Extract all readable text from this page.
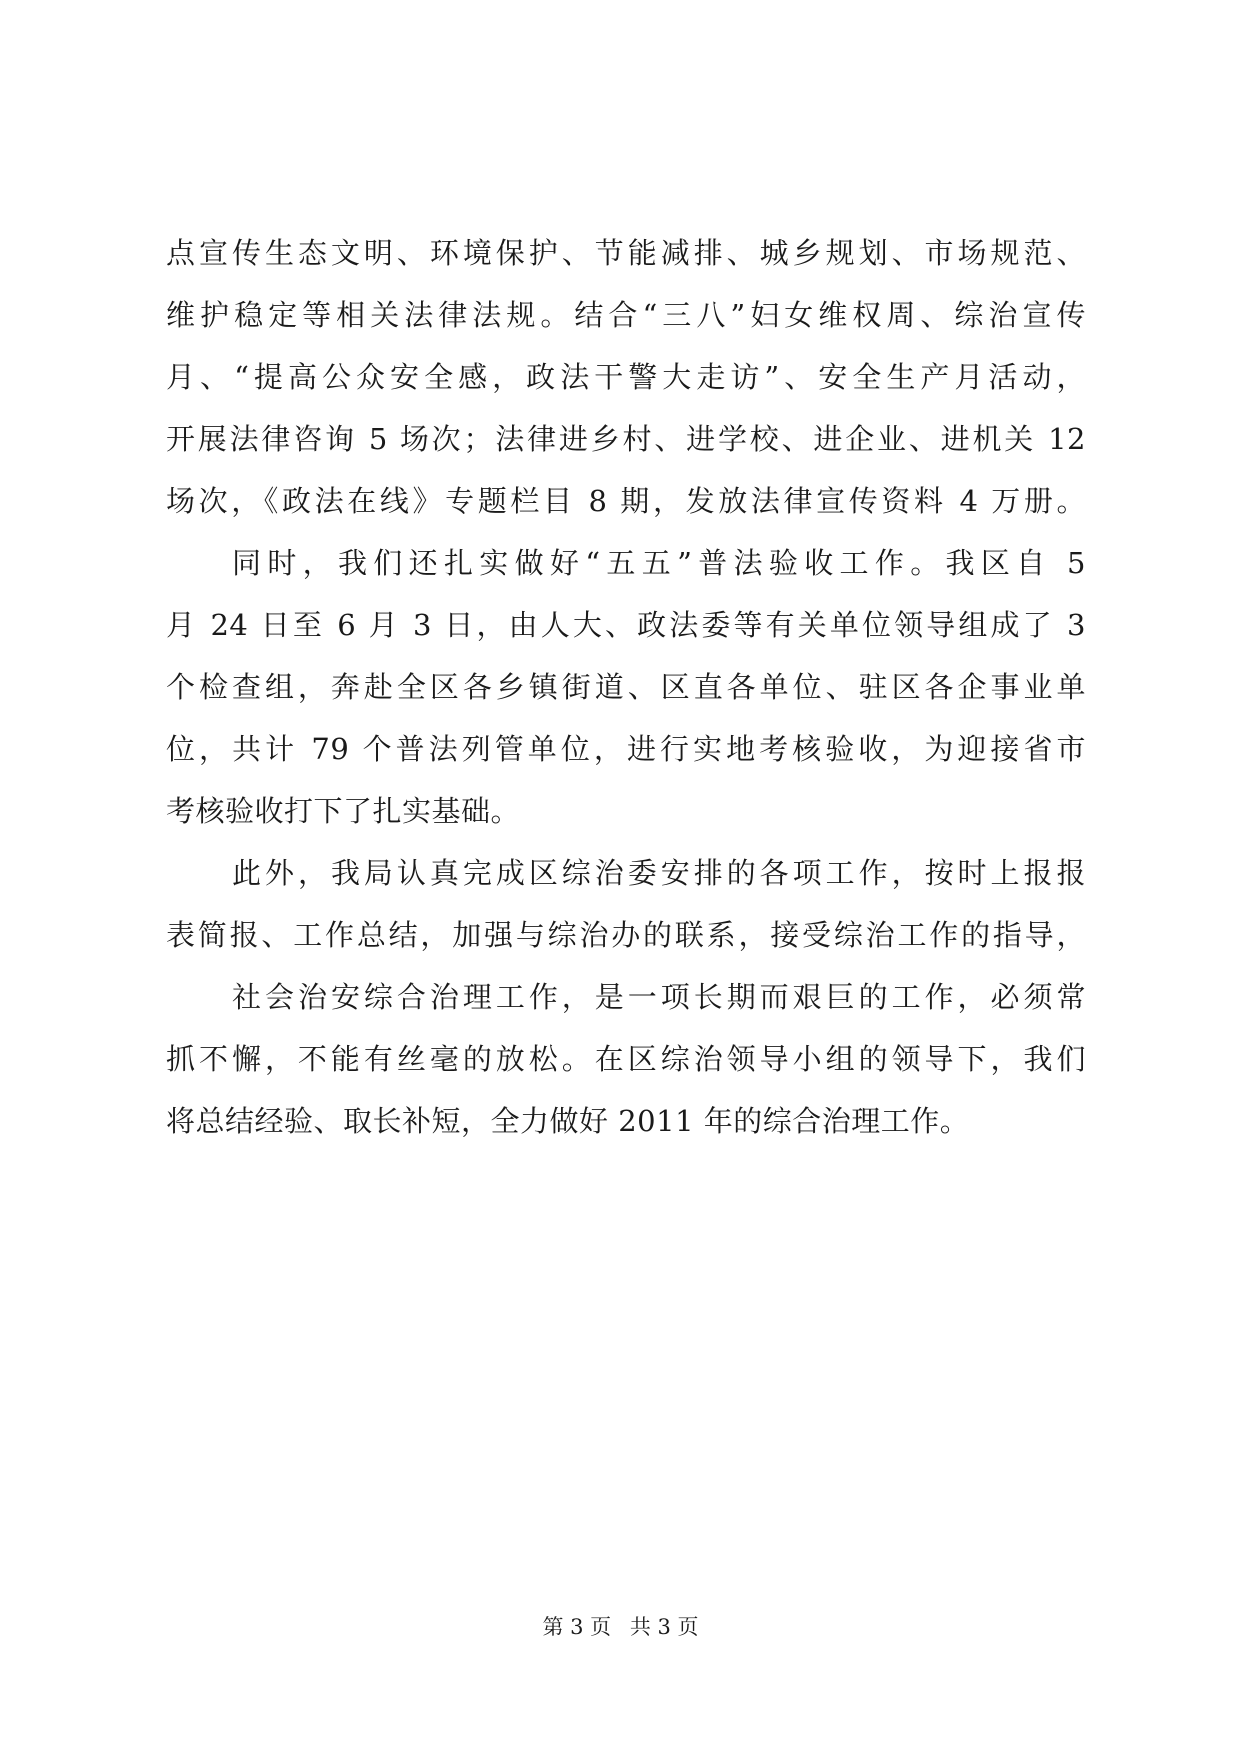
点宣传生态文明、环境保护、节能减排、城乡规划、市场规范、
维护稳定等相关法律法规。结合“三八”妇女维权周、综治宣传
月、“提高公众安全感，政法干警大走访”、安全生产月活动，
开展法律咨询 5 场次；法律进乡村、进学校、进企业、进机关 12
场次，《政法在线》专题栏目 8 期，发放法律宣传资料 4 万册。
同时，我们还扎实做好“五五”普法验收工作。我区自 5
月 24 日至 6 月 3 日，由人大、政法委等有关单位领导组成了 3
个检查组，奔赴全区各乡镇街道、区直各单位、驻区各企事业单
位，共计 79 个普法列管单位，进行实地考核验收，为迎接省市
考核验收打下了扎实基础。
此外，我局认真完成区综治委安排的各项工作，按时上报报
表简报、工作总结，加强与综治办的联系，接受综治工作的指导，
社会治安综合治理工作，是一项长期而艰巨的工作，必须常
抓不懈，不能有丝毫的放松。在区综治领导小组的领导下，我们
将总结经验、取长补短，全力做好 2011 年的综合治理工作。
第 3 页 共 3 页
